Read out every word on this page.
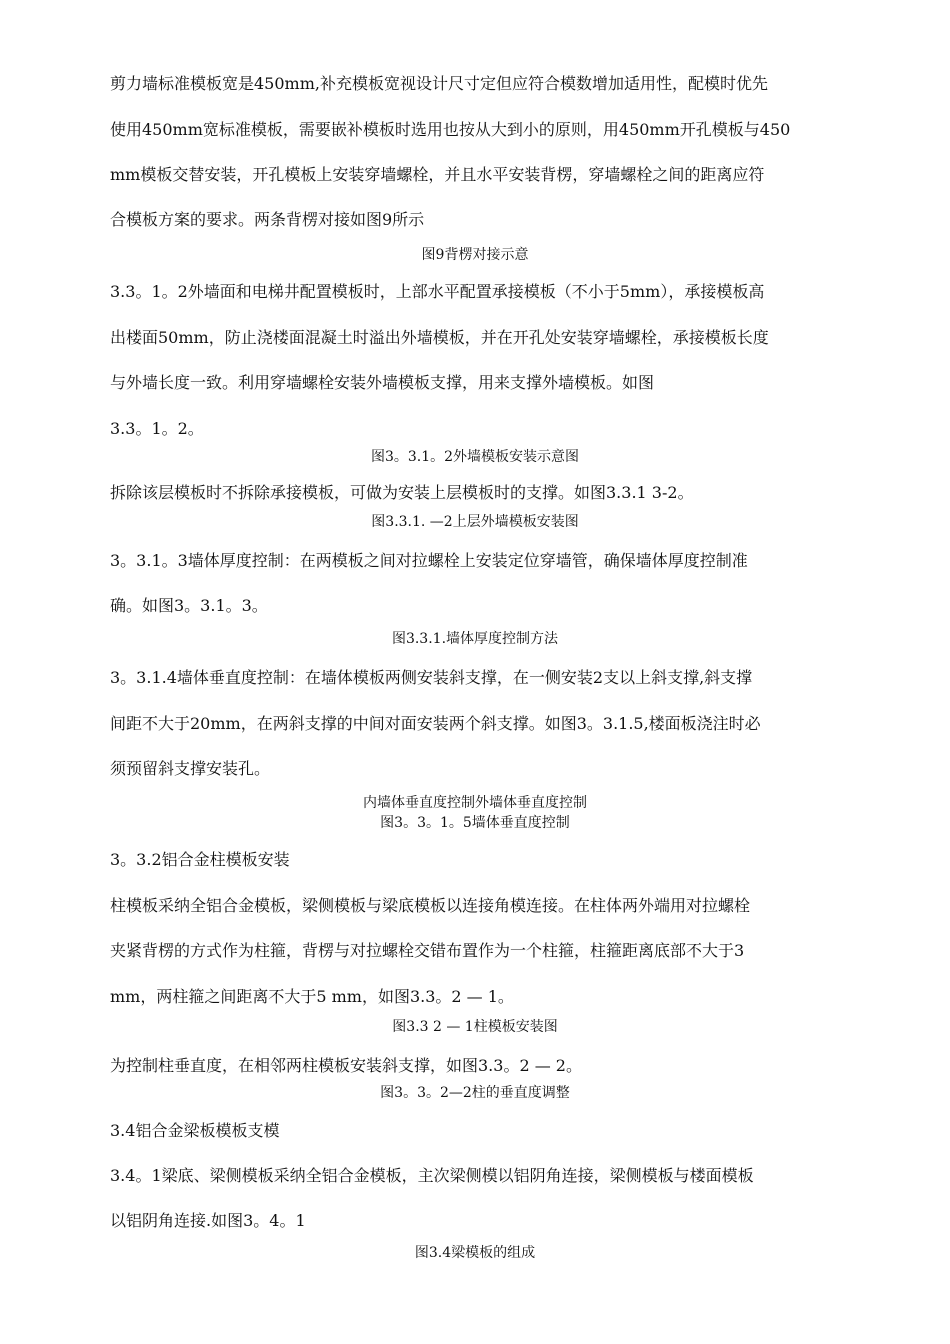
剪力墙标准模板宽是450mm,补充模板宽视设计尺寸定但应符合模数增加适用性，配模时优先
使用450mm宽标准模板，需要嵌补模板时选用也按从大到小的原则，用450mm开孔模板与450
mm模板交替安装，开孔模板上安装穿墙螺栓，并且水平安装背楞，穿墙螺栓之间的距离应符
合模板方案的要求。两条背楞对接如图9所示
图9背楞对接示意
3.3。1。2外墙面和电梯井配置模板时，上部水平配置承接模板（不小于5mm），承接模板高
出楼面50mm，防止浇楼面混凝土时溢出外墙模板，并在开孔处安装穿墙螺栓，承接模板长度
与外墙长度一致。利用穿墙螺栓安装外墙模板支撑，用来支撑外墙模板。如图
3.3。1。2。
图3。3.1。2外墙模板安装示意图
拆除该层模板时不拆除承接模板，可做为安装上层模板时的支撑。如图3.3.1 3-2。
图3.3.1. —2上层外墙模板安装图
3。3.1。3墙体厚度控制：在两模板之间对拉螺栓上安装定位穿墙管，确保墙体厚度控制准
确。如图3。3.1。3。
图3.3.1.墙体厚度控制方法
3。3.1.4墙体垂直度控制：在墙体模板两侧安装斜支撑，在一侧安装2支以上斜支撑,斜支撑
间距不大于20mm，在两斜支撑的中间对面安装两个斜支撑。如图3。3.1.5,楼面板浇注时必
须预留斜支撑安装孔。
内墙体垂直度控制外墙体垂直度控制
图3。3。1。5墙体垂直度控制
3。3.2铝合金柱模板安装
柱模板采纳全铝合金模板，梁侧模板与梁底模板以连接角模连接。在柱体两外端用对拉螺栓
夹紧背楞的方式作为柱箍，背楞与对拉螺栓交错布置作为一个柱箍，柱箍距离底部不大于3
mm，两柱箍之间距离不大于5 mm，如图3.3。2 — 1。
图3.3 2 — 1柱模板安装图
为控制柱垂直度，在相邻两柱模板安装斜支撑，如图3.3。2 — 2。
图3。3。2—2柱的垂直度调整
3.4铝合金梁板模板支模
3.4。1梁底、梁侧模板采纳全铝合金模板，主次梁侧模以铝阴角连接，梁侧模板与楼面模板
以铝阴角连接.如图3。4。1
图3.4梁模板的组成
